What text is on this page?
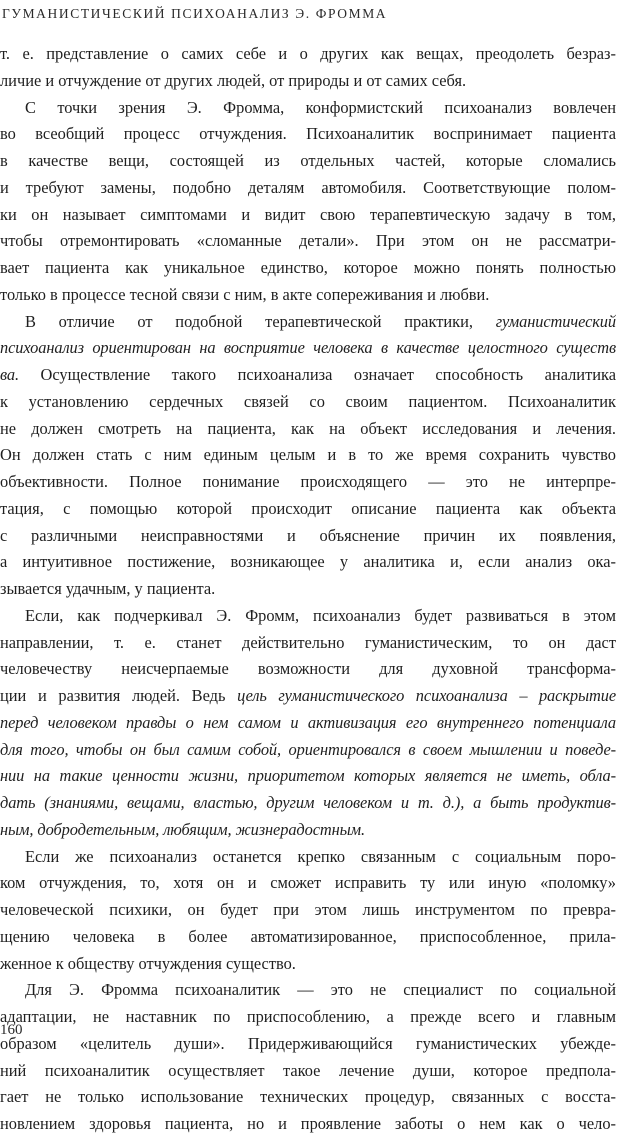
ГУМАНИСТИЧЕСКИЙ ПСИХОАНАЛИЗ Э. ФРОММА

т. е. представление о самих себе и о других как вещах, преодолеть безраз-

личие и отчуждение от других людей, от природы и от самих себя.

С точки зрения Э. Фромма, конформистский психоанализ вовлечен

во всеобщий процесс отчуждения. Психоаналитик воспринимает пациента

в качестве вещи, состоящей из отдельных частей, которые сломались

и требуют замены, подобно деталям автомобиля. Соответствующие полом-

ки он называет симптомами и видит свою терапевтическую задачу в том,

чтобы отремонтировать «сломанные детали». При этом он не рассматри-

вает пациента как уникальное единство, которое можно понять полностью

только в процессе тесной связи с ним, в акте сопереживания и любви.

В отличие от подобной терапевтической практики, гуманистический

психоанализ ориентирован на восприятие человека в качестве целостного существ

ва. Осуществление такого психоанализа означает способность аналитика

к установлению сердечных связей со своим пациентом. Психоаналитик

не должен смотреть на пациента, как на объект исследования и лечения.

Он должен стать с ним единым целым и в то же время сохранить чувство

объективности. Полное понимание происходящего — это не интерпре-

тация, с помощью которой происходит описание пациента как объекта

с различными неисправностями и объяснение причин их появления,

а интуитивное постижение, возникающее у аналитика и, если анализ ока-

зывается удачным, у пациента.

Если, как подчеркивал Э. Фромм, психоанализ будет развиваться в этом

направлении, т. е. станет действительно гуманистическим, то он даст

человечеству неисчерпаемые возможности для духовной трансформа-

ции и развития людей. Ведь цель гуманистического психоанализа – раскрытие

перед человеком правды о нем самом и активизация его внутреннего потенциала

для того, чтобы он был самим собой, ориентировался в своем мышлении и поведе-

нии на такие ценности жизни, приоритетом которых является не иметь, обла-

дать (знаниями, вещами, властью, другим человеком и т. д.), а быть продуктив-

ным, добродетельным, любящим, жизнерадостным.

Если же психоанализ останется крепко связанным с социальным поро-

ком отчуждения, то, хотя он и сможет исправить ту или иную «поломку»

человеческой психики, он будет при этом лишь инструментом по превра-

щению человека в более автоматизированное, приспособленное, прила-

женное к обществу отчуждения существо.

Для Э. Фромма психоаналитик — это не специалист по социальной

адаптации, не наставник по приспособлению, а прежде всего и главным

образом «целитель души». Придерживающийся гуманистических убежде-

ний психоаналитик осуществляет такое лечение души, которое предпола-

гает не только использование технических процедур, связанных с восста-

новлением здоровья пациента, но и проявление заботы о нем как о чело-

160
